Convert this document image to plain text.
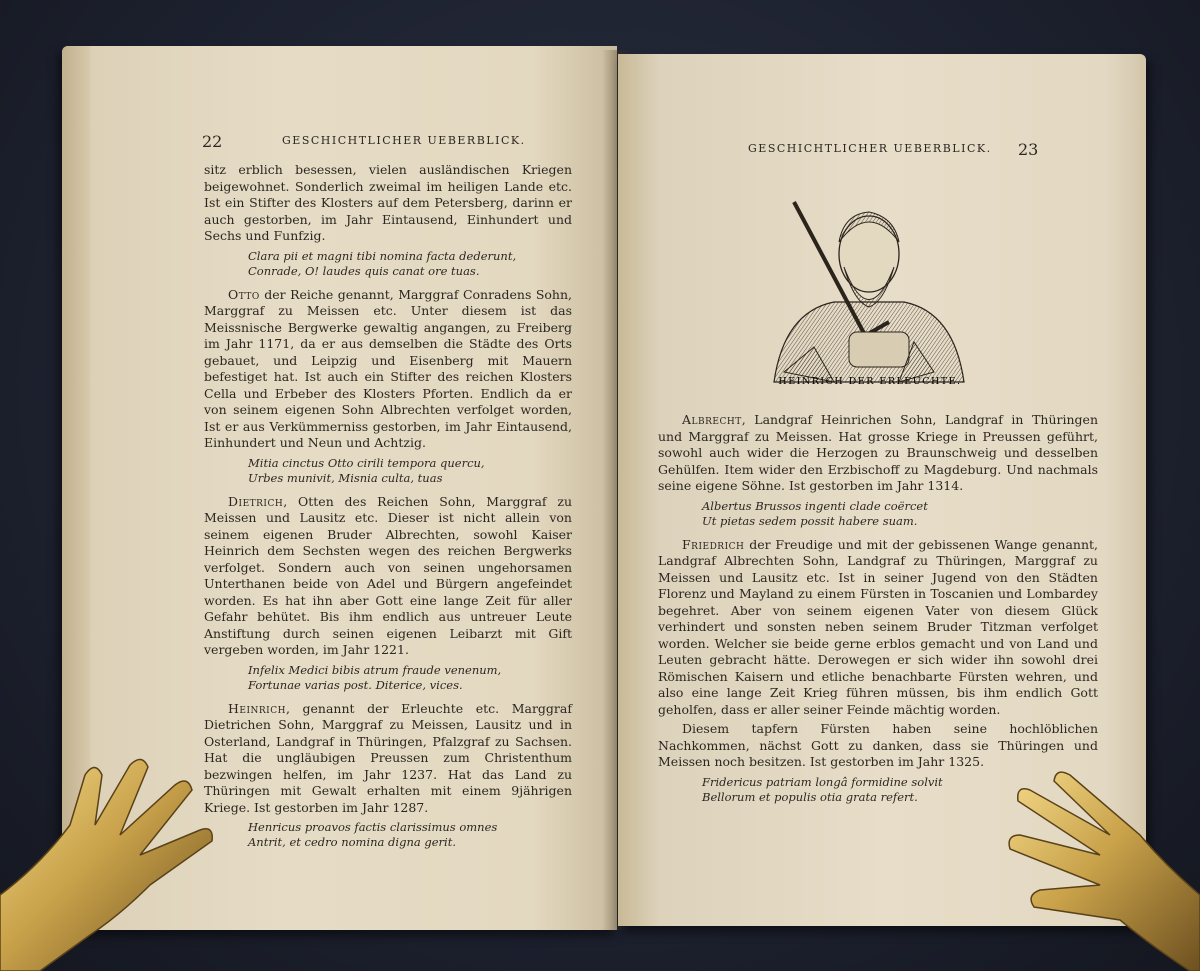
22	GESCHICHTLICHER UEBERBLICK.

sitz erblich besessen, vielen ausländischen Kriegen beigewohnet. Sonderlich zweimal im heiligen Lande etc. Ist ein Stifter des Klosters auf dem Petersberg, darinn er auch gestorben, im Jahr Eintausend, Einhundert und Sechs und Funfzig.

Clara pii et magni tibi nomina facta dederunt,
Conrade, O! laudes quis canat ore tuas.

Otto der Reiche genannt, Marggraf Conradens Sohn, Marggraf zu Meissen etc. Unter diesem ist das Meissnische Bergwerke gewaltig angangen, zu Freiberg im Jahr 1171, da er aus demselben die Städte des Orts gebauet, und Leipzig und Eisenberg mit Mauern befestiget hat. Ist auch ein Stifter des reichen Klosters Cella und Erbeber des Klosters Pforten. Endlich da er von seinem eigenen Sohn Albrechten verfolget worden, Ist er aus Verkümmerniss gestorben, im Jahr Eintausend, Einhundert und Neun und Achtzig.

Mitia cinctus Otto cirili tempora quercu,
Urbes munivit, Misnia culta, tuas

Dietrich, Otten des Reichen Sohn, Marggraf zu Meissen und Lausitz etc. Dieser ist nicht allein von seinem eigenen Bruder Albrechten, sowohl Kaiser Heinrich dem Sechsten wegen des reichen Bergwerks verfolget. Sondern auch von seinen ungehorsamen Unterthanen beide von Adel und Bürgern angefeindet worden. Es hat ihn aber Gott eine lange Zeit für aller Gefahr behütet. Bis ihm endlich aus untreuer Leute Anstiftung durch seinen eigenen Leibarzt mit Gift vergeben worden, im Jahr 1221.

Infelix Medici bibis atrum fraude venenum,
Fortunae varias post. Diterice, vices.

Heinrich, genannt der Erleuchte etc. Marggraf Dietrichen Sohn, Marggraf zu Meissen, Lausitz und in Osterland, Landgraf in Thüringen, Pfalzgraf zu Sachsen. Hat die ungläubigen Preussen zum Christenthum bezwingen helfen, im Jahr 1237. Hat das Land zu Thüringen mit Gewalt erhalten mit einem 9jährigen Kriege. Ist gestorben im Jahr 1287.

Henricus proavos factis clarissimus omnes
Antrit, et cedro nomina digna gerit.
GESCHICHTLICHER UEBERBLICK. 23

Albrecht, Landgraf Heinrichen Sohn, Landgraf in Thüringen und Marggraf zu Meissen. Hat grosse Kriege in Preussen geführt, sowohl auch wider die Herzogen zu Braunschweig und desselben Gehülfen. Item wider den Erzbischoff zu Magdeburg. Und nachmals seine eigene Söhne. Ist gestorben im Jahr 1314.

Albertus Brussos ingenti clade coërcet
Ut pietas sedem possit habere suam.

Friedrich der Freudige und mit der gebissenen Wange genannt, Landgraf Albrechten Sohn, Landgraf zu Thüringen, Marggraf zu Meissen und Lausitz etc. Ist in seiner Jugend von den Städten Florenz und Mayland zu einem Fürsten in Toscanien und Lombardey begehret. Aber von seinem eigenen Vater von diesem Glück verhindert und sonsten neben seinem Bruder Titzman verfolget worden. Welcher sie beide gerne erblos gemacht und von Land und Leuten gebracht hätte. Derowegen er sich wider ihn sowohl drei Römischen Kaisern und etliche benachbarte Fürsten wehren, und also eine lange Zeit Krieg führen müssen, bis ihm endlich Gott geholfen, dass er aller seiner Feinde mächtig worden.

Diesem tapfern Fürsten haben seine hochlöblichen Nachkommen, nächst Gott zu danken, dass sie Thüringen und Meissen noch besitzen. Ist gestorben im Jahr 1325.

Fridericus patriam longâ formidine solvit
Bellorum et populis otia grata refert.
HEINRICH DER ERLEUCHTE.
